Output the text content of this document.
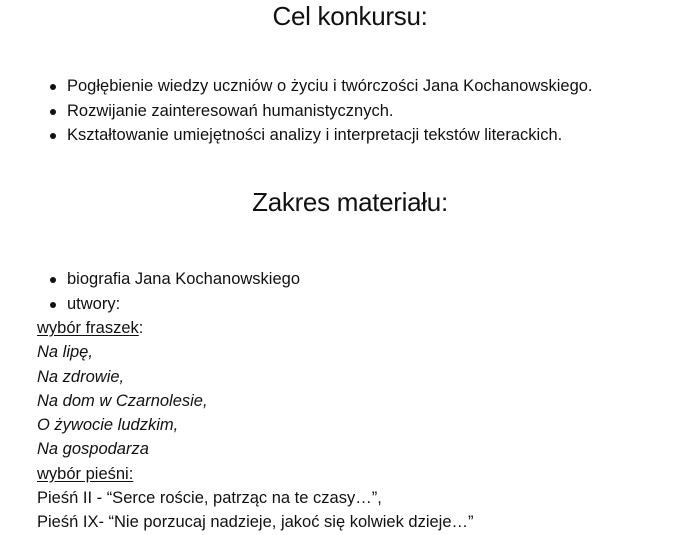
Cel konkursu:
Pogłębienie wiedzy uczniów o życiu i twórczości Jana Kochanowskiego.
Rozwijanie zainteresowań humanistycznych.
Kształtowanie umiejętności analizy i interpretacji tekstów literackich.
Zakres materiału:
biografia Jana Kochanowskiego
utwory:
wybór fraszek:
Na lipę,
Na zdrowie,
Na dom w Czarnolesie,
O żywocie ludzkim,
Na gospodarza
wybór pieśni:
Pieśń II - “Serce roście, patrząc na te czasy…”,
Pieśń IX- “Nie porzucaj nadzieje, jakoć się kolwiek dzieje…”
